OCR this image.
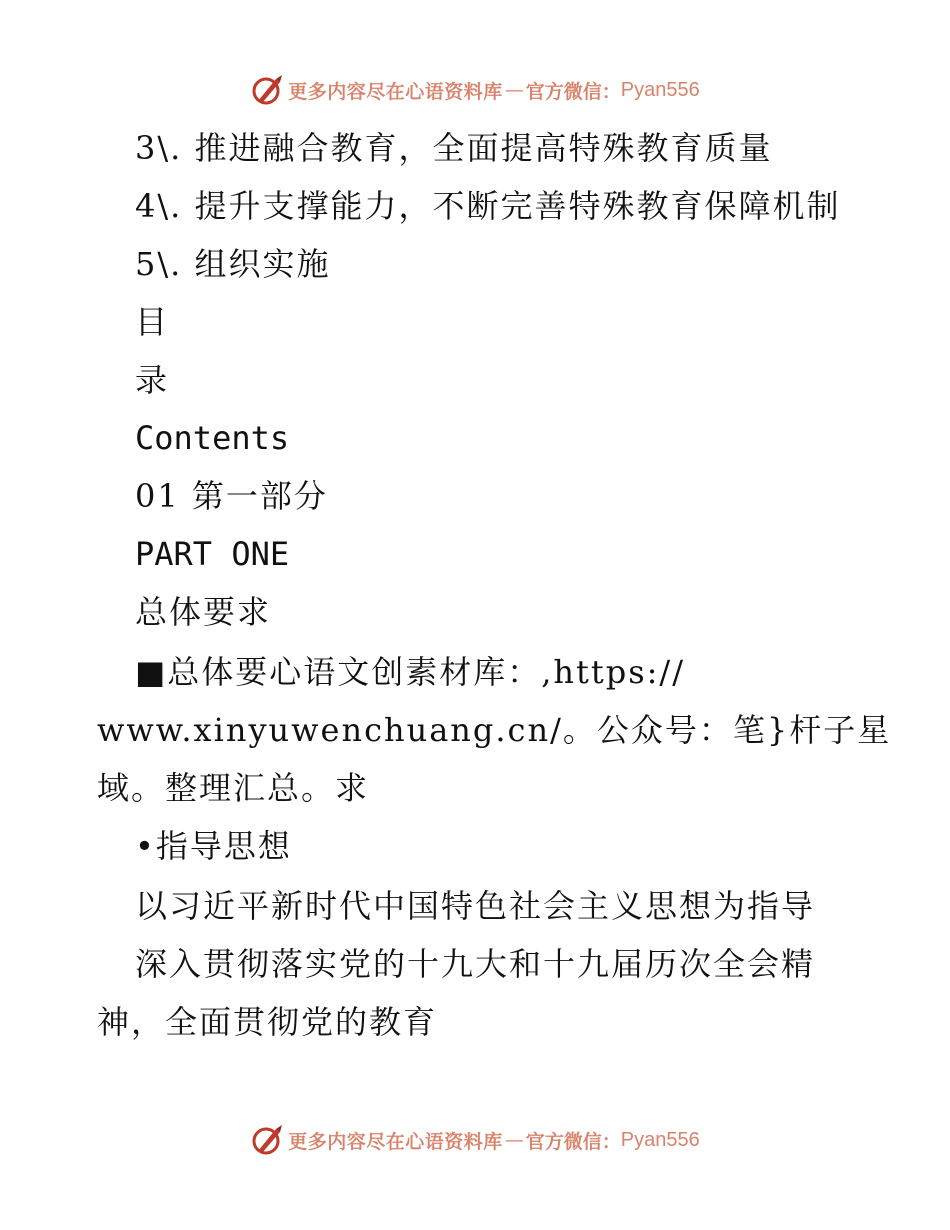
更多内容尽在心语资料库 — 官方微信： Pyan556
3\. 推进融合教育，全面提高特殊教育质量
4\. 提升支撑能力，不断完善特殊教育保障机制
5\. 组织实施
目
录
Contents
01 第一部分
PART ONE
总体要求
■总体要心语文创素材库：,https://
www.xinyuwenchuang.cn/。公众号：笔}杆子星
域。整理汇总。求
•指导思想
以习近平新时代中国特色社会主义思想为指导
深入贯彻落实党的十九大和十九届历次全会精
神，全面贯彻党的教育
更多内容尽在心语资料库 — 官方微信： Pyan556
